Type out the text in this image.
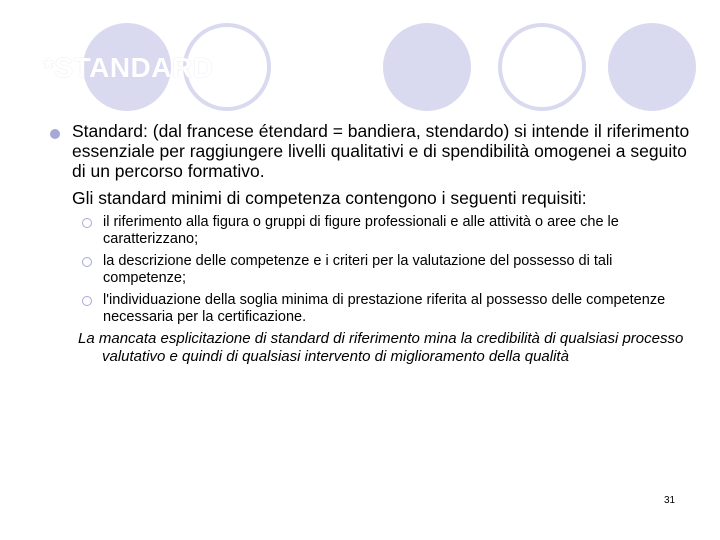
*STANDARD

Standard: (dal francese étendard = bandiera, stendardo) si intende il riferimento essenziale per raggiungere livelli qualitativi e di spendibilità omogenei a seguito di un percorso formativo.

Gli standard minimi di competenza contengono i seguenti requisiti:

il riferimento alla figura o gruppi di figure professionali e alle attività o aree che le caratterizzano;

la descrizione delle competenze e i criteri per la valutazione del possesso di tali competenze;

l'individuazione della soglia minima di prestazione riferita al possesso delle competenze necessaria per la certificazione.

La mancata esplicitazione di standard di riferimento mina la credibilità di qualsiasi processo valutativo e quindi di qualsiasi intervento di miglioramento della qualità

31
